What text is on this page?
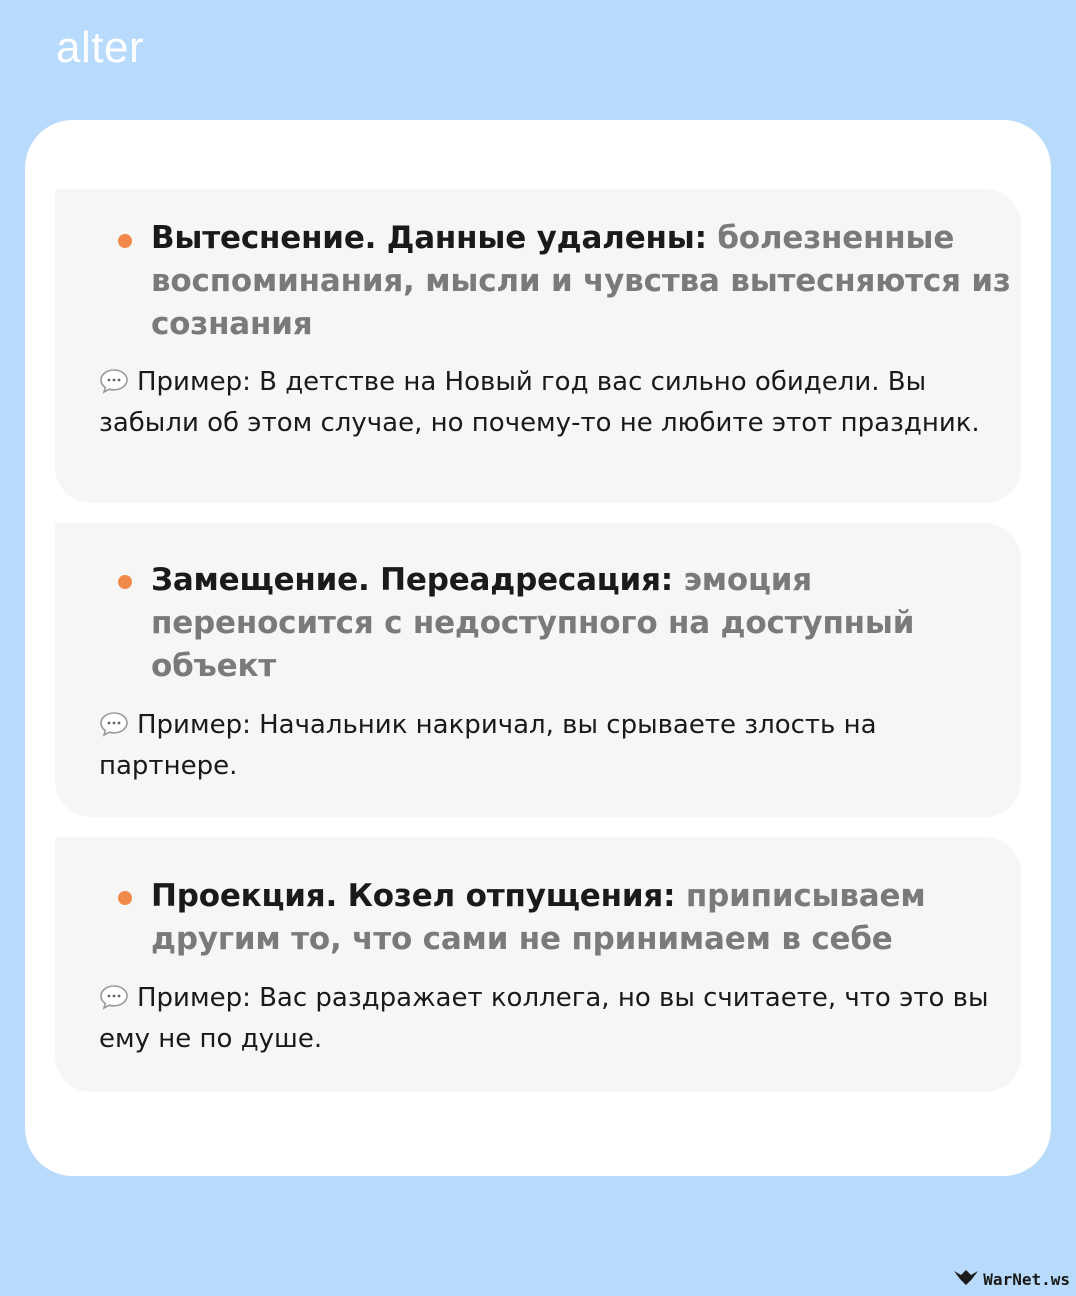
alter

Вытеснение. Данные удалены: болезненные воспоминания, мысли и чувства вытесняются из сознания

Пример: В детстве на Новый год вас сильно обидели. Вы забыли об этом случае, но почему-то не любите этот праздник.

Замещение. Переадресация: эмоция переносится с недоступного на доступный объект

Пример: Начальник накричал, вы срываете злость на партнере.

Проекция. Козел отпущения: приписываем другим то, что сами не принимаем в себе

Пример: Вас раздражает коллега, но вы считаете, что это вы ему не по душе.

WarNet.ws
